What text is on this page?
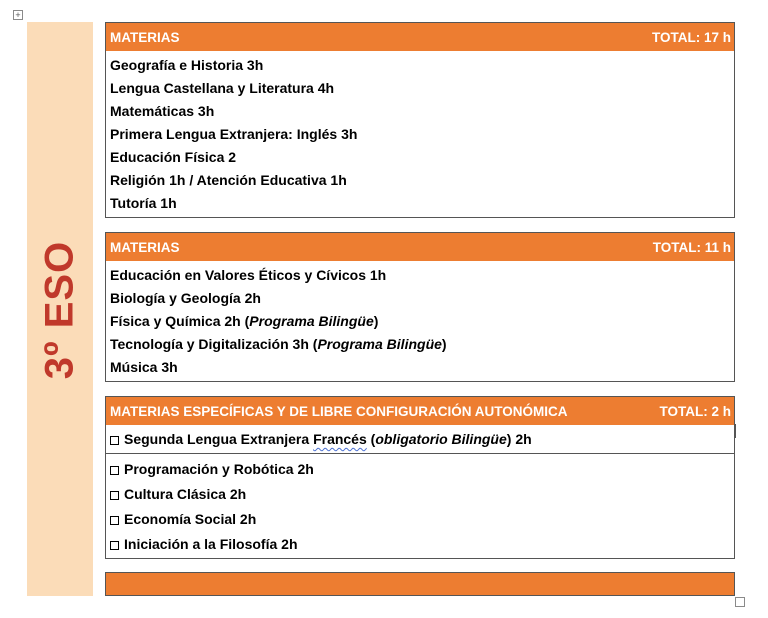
+
3º ESO
MATERIAS	TOTAL: 17 h
Geografía e Historia 3h
Lengua Castellana y Literatura 4h
Matemáticas 3h
Primera Lengua Extranjera: Inglés 3h
Educación Física 2
Religión 1h / Atención Educativa 1h
Tutoría 1h
MATERIAS	TOTAL: 11 h
Educación en Valores Éticos y Cívicos 1h
Biología y Geología 2h
Física y Química 2h (Programa Bilingüe)
Tecnología y Digitalización 3h (Programa Bilingüe)
Música 3h
MATERIAS ESPECÍFICAS Y DE LIBRE CONFIGURACIÓN AUTONÓMICA	TOTAL: 2 h
Segunda Lengua Extranjera Francés (obligatorio Bilingüe) 2h
Programación y Robótica 2h
Cultura Clásica 2h
Economía Social 2h
Iniciación a la Filosofía 2h
